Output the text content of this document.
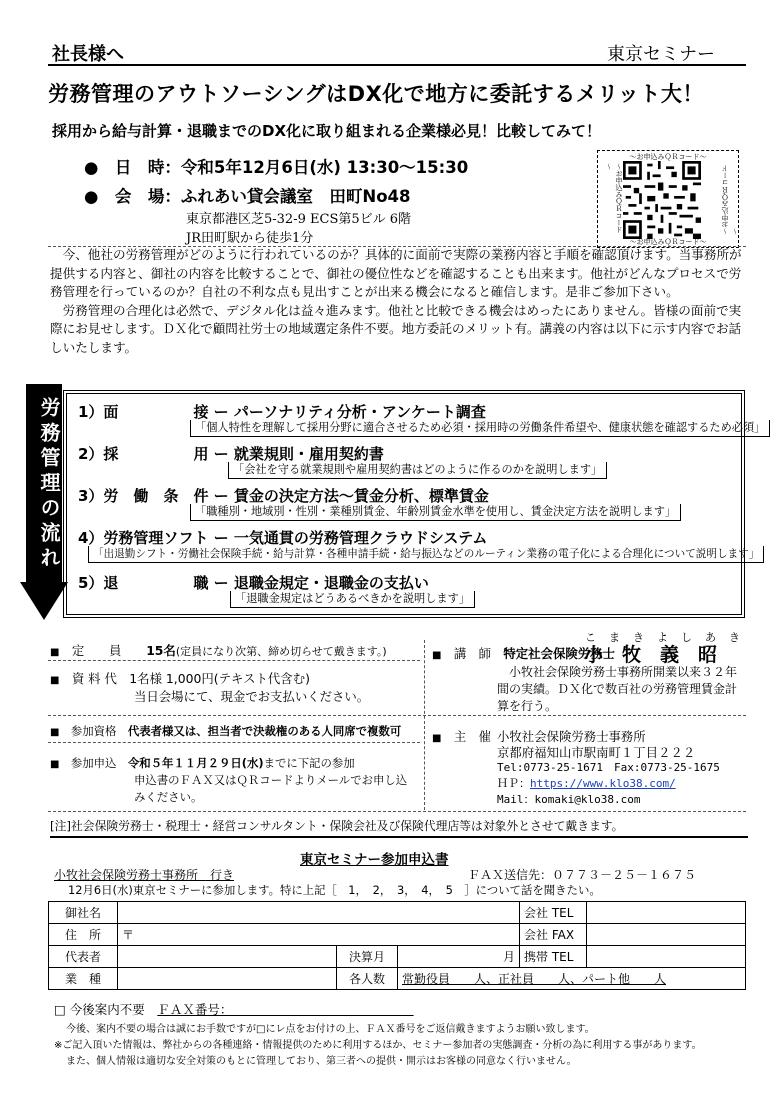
社長様へ	東京セミナー
労務管理のアウトソーシングはDX化で地方に委託するメリット大！
採用から給与計算・退職までのDX化に取り組まれる企業様必見！比較してみて！
●　日　時：令和5年12月6日(水) 13:30～15:30
●　会　場：ふれあい貸会議室　田町No48
東京都港区芝5-32-9 ECS第5ビル 6階
JR田町駅から徒歩1分
～お申込みＱＲコード～
～お申込みＱＲコード～	～お申込みＱＲコード～
～お申込みＱＲコード～

今、他社の労務管理がどのように行われているのか？具体的に面前で実際の業務内容と手順を確認頂けます。当事務所が提供する内容と、御社の内容を比較することで、御社の優位性などを確認することも出来ます。他社がどんなプロセスで労務管理を行っているのか？自社の不利な点も見出すことが出来る機会になると確信します。是非ご参加下さい。

労務管理の合理化は必然で、デジタル化は益々進みます。他社と比較できる機会はめったにありません。皆様の面前で実際にお見せします。ＤＸ化で顧問社労士の地域選定条件不要。地方委託のメリット有。講義の内容は以下に示す内容でお話しいたします。

労務管理の流れ 1）面　　　　　接 ー パーソナリティ分析・アンケート調査
「個人特性を理解して採用分野に適合させるため必須・採用時の労働条件希望や、健康状態を確認するため必須」
2）採　　　　　用 ー 就業規則・雇用契約書
「会社を守る就業規則や雇用契約書はどのように作るのかを説明します」
3）労　働　条　件 ー 賃金の決定方法～賃金分析、標準賃金
「職種別・地域別・性別・業種別賃金、年齢別賃金水準を使用し、賃金決定方法を説明します」
4）労務管理ソフト ー 一気通貫の労務管理クラウドシステム
「出退勤シフト・労働社会保険手続・給与計算・各種申請手続・給与振込などのルーティン業務の電子化による合理化について説明します」
5）退　　　　　職 ー 退職金規定・退職金の支払い
「退職金規定はどうあるべきかを説明します」
■　 定　　員　　 15名(定員になり次第、締め切らせて戴きます。)
■　 資 料 代　 1名様 1,000円(テキスト代含む)
当日会場にて、現金でお支払いください。
■　 参加資格　 代表者様又は、担当者で決裁権のある人同席で複数可
■　 参加申込　 令和５年１１月２９日(水)までに下記の参加
申込書のＦＡＸ又はＱＲコードよりメールでお申し込
みください。
こ　ま　き　よ　し　あ　き
■　 講　師　 特定社会保険労務士
小　牧　義　昭
小牧社会保険労務士事務所開業以来３２年間の実績。ＤＸ化で数百社の労務管理賃金計算を行う。
■　 主　催 小牧社会保険労務士事務所
京都府福知山市駅南町１丁目２２２
Tel:0773-25-1671　Fax:0773-25-1675
ＨＰ：https://www.klo38.com/
Mail：komaki@klo38.com
[注]社会保険労務士・税理士・経営コンサルタント・保険会社及び保険代理店等は対象外とさせて戴きます。
東京セミナー参加申込書
小牧社会保険労務士事務所　行き	ＦＡＸ送信先：０７７３－２５－１６７５
12月6日(水)東京セミナーに参加します。特に上記［　1，　2，　3，　4，　5　］について話を聞きたい。
御社名				会社 TEL	
住　所	〒			会社 FAX	
代表者		決算月	月	携帯 TEL	
業　種		各人数	常勤役員　　人、正社員　　人、パート他　　人		
□ 今後案内不要　 ＦＡＸ番号：　　　　　　　　　　　　　　　
今後、案内不要の場合は誠にお手数ですが□にレ点をお付けの上、ＦＡＸ番号をご返信戴きますようお願い致します。
※ご記入頂いた情報は、弊社からの各種連絡・情報提供のために利用するほか、セミナー参加者の実態調査・分析の為に利用する事があります。
また、個人情報は適切な安全対策のもとに管理しており、第三者への提供・開示はお客様の同意なく行いません。
